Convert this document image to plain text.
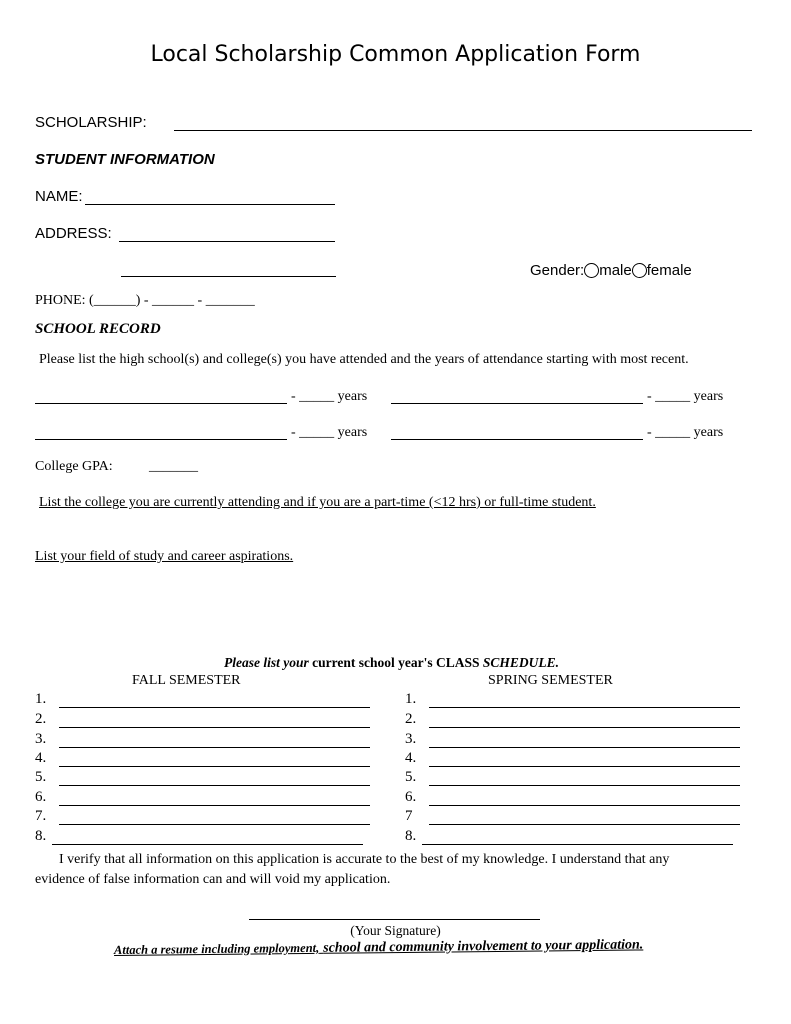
Local Scholarship Common Application Form
SCHOLARSHIP:
STUDENT INFORMATION
NAME:
ADDRESS:
Gender: male female
PHONE: (______) - ______ - _______
SCHOOL RECORD
Please list the high school(s) and college(s) you have attended and the years of attendance starting with most recent.
- _____ years	- _____ years
- _____ years	- _____ years
College GPA:	_______
List the college you are currently attending and if you are a part-time (<12 hrs) or full-time student.
List your field of study and career aspirations.
Please list your current school year's CLASS SCHEDULE.
FALL SEMESTER	SPRING SEMESTER
1.
2.
3.
4.
5.
6.
7.
8.
1.
2.
3.
4.
5.
6.
7
8.
I verify that all information on this application is accurate to the best of my knowledge. I understand that any
evidence of false information can and will void my application.
(Your Signature)
Attach a resume including employment, school and community involvement to your application.
